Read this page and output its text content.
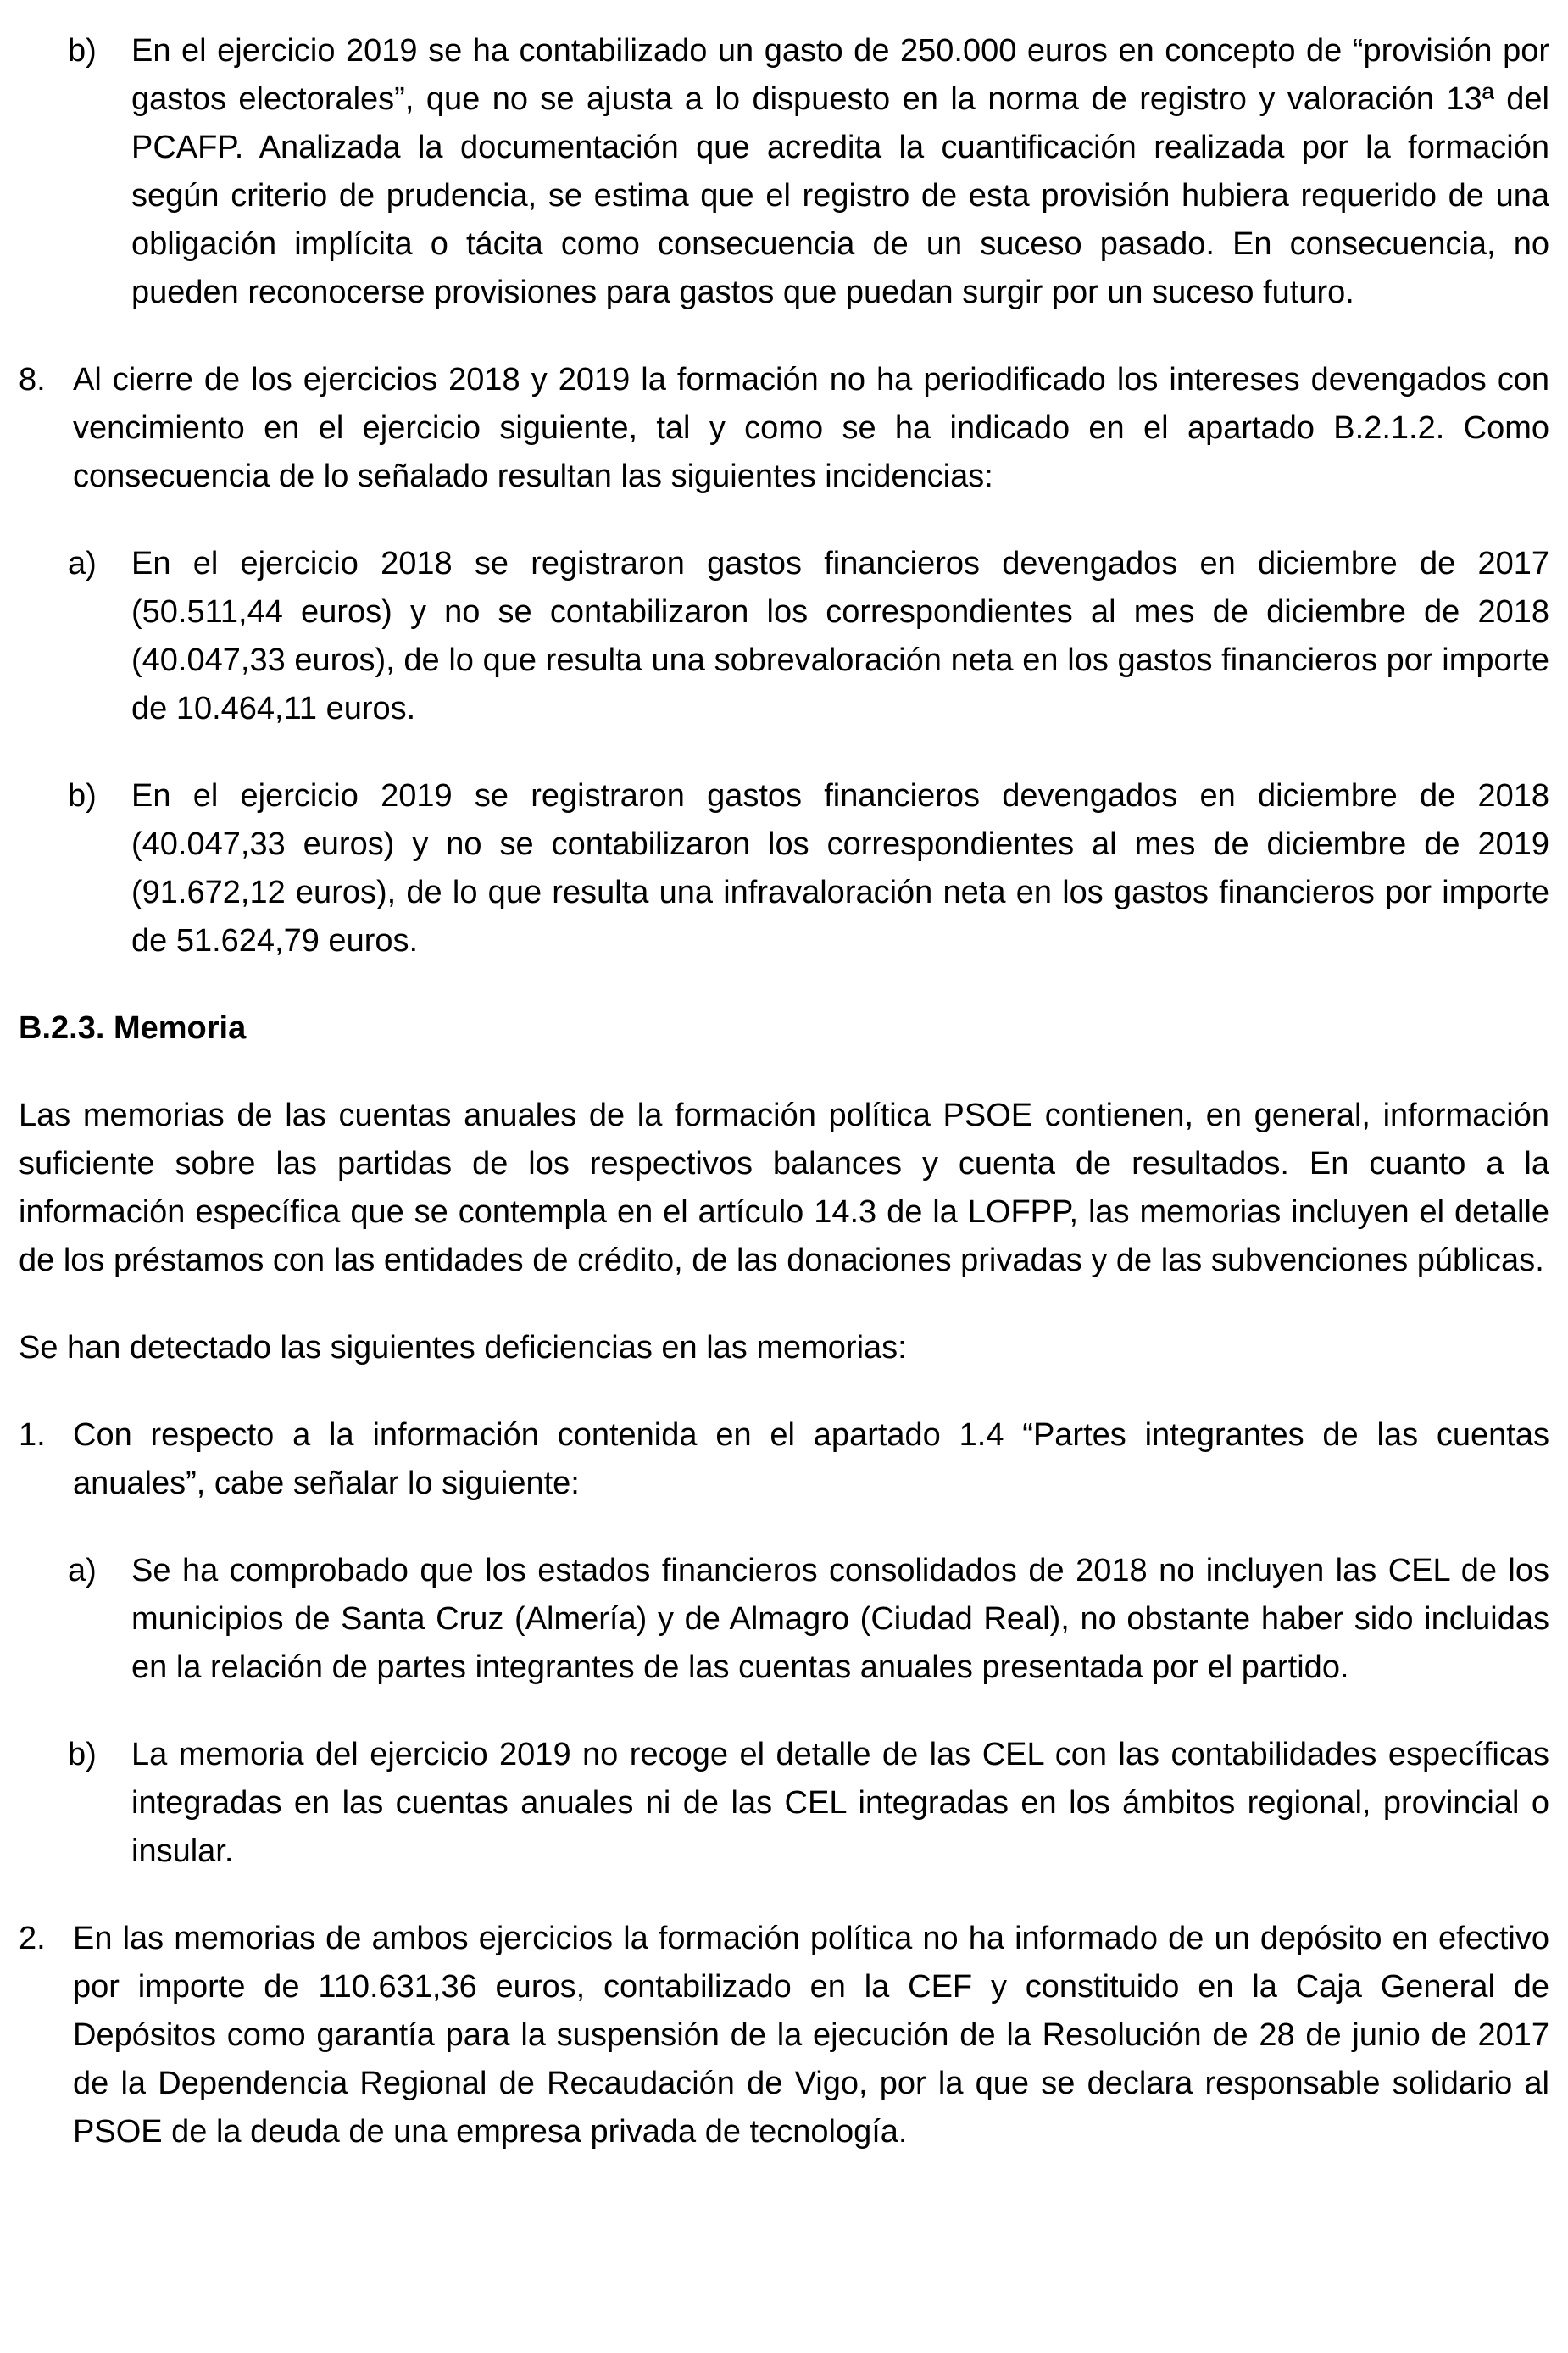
b) En el ejercicio 2019 se ha contabilizado un gasto de 250.000 euros en concepto de “provisión por gastos electorales”, que no se ajusta a lo dispuesto en la norma de registro y valoración 13ª del PCAFP. Analizada la documentación que acredita la cuantificación realizada por la formación según criterio de prudencia, se estima que el registro de esta provisión hubiera requerido de una obligación implícita o tácita como consecuencia de un suceso pasado. En consecuencia, no pueden reconocerse provisiones para gastos que puedan surgir por un suceso futuro.
8. Al cierre de los ejercicios 2018 y 2019 la formación no ha periodificado los intereses devengados con vencimiento en el ejercicio siguiente, tal y como se ha indicado en el apartado B.2.1.2. Como consecuencia de lo señalado resultan las siguientes incidencias:
a) En el ejercicio 2018 se registraron gastos financieros devengados en diciembre de 2017 (50.511,44 euros) y no se contabilizaron los correspondientes al mes de diciembre de 2018 (40.047,33 euros), de lo que resulta una sobrevaloración neta en los gastos financieros por importe de 10.464,11 euros.
b) En el ejercicio 2019 se registraron gastos financieros devengados en diciembre de 2018 (40.047,33 euros) y no se contabilizaron los correspondientes al mes de diciembre de 2019 (91.672,12 euros), de lo que resulta una infravaloración neta en los gastos financieros por importe de 51.624,79 euros.
B.2.3. Memoria
Las memorias de las cuentas anuales de la formación política PSOE contienen, en general, información suficiente sobre las partidas de los respectivos balances y cuenta de resultados. En cuanto a la información específica que se contempla en el artículo 14.3 de la LOFPP, las memorias incluyen el detalle de los préstamos con las entidades de crédito, de las donaciones privadas y de las subvenciones públicas.
Se han detectado las siguientes deficiencias en las memorias:
1. Con respecto a la información contenida en el apartado 1.4 “Partes integrantes de las cuentas anuales”, cabe señalar lo siguiente:
a) Se ha comprobado que los estados financieros consolidados de 2018 no incluyen las CEL de los municipios de Santa Cruz (Almería) y de Almagro (Ciudad Real), no obstante haber sido incluidas en la relación de partes integrantes de las cuentas anuales presentada por el partido.
b) La memoria del ejercicio 2019 no recoge el detalle de las CEL con las contabilidades específicas integradas en las cuentas anuales ni de las CEL integradas en los ámbitos regional, provincial o insular.
2. En las memorias de ambos ejercicios la formación política no ha informado de un depósito en efectivo por importe de 110.631,36 euros, contabilizado en la CEF y constituido en la Caja General de Depósitos como garantía para la suspensión de la ejecución de la Resolución de 28 de junio de 2017 de la Dependencia Regional de Recaudación de Vigo, por la que se declara responsable solidario al PSOE de la deuda de una empresa privada de tecnología.
